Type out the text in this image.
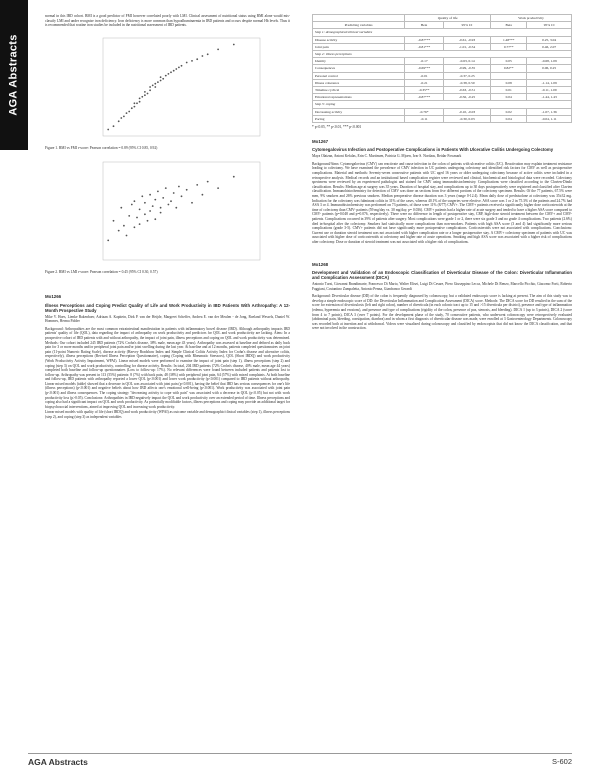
AGA Abstracts

normal in this IBD cohort. BMI is a good predictor of FMI however correlated poorly with LMI. Clinical assessment of nutritional status using BMI alone would mis-classify LMI and under recognise iron deficiency. Iron deficiency is more common than hypoalbuminaemia in IBD patients and occurs despite normal Hb levels. Thus it is recommended that routine iron studies be included in the nutritional assessment of IBD patients.

Figure 1. BMI vs FMI r-score: Pearson correlation = 0.89 (95% CI 0.85, 0.92)
Figure 2. BMI vs LMI r-score: Pearson correlation = 0.45 (95% CI 0.30, 0.57)
Mo1266
Illness Perceptions and Coping Predict Quality of Life and Work Productivity in IBD Patients With Arthropathy: A 12-Month Prospective Study
Mike V. Hoes, Lienke Bakenboer, Adriaan A. Kapitein, Dirk P. van der Heijde, Margreet Scheffer, Andrea E. van der Meulen - de Jong, Roeland Wessels, Daniel W. Hommes, Herma Fidder

Background: Arthropathies are the most common extraintestinal manifestation in patients with inflammatory bowel disease (IBD). Although arthropathy impacts IBD patients' quality of life (QOL), data regarding the impact of arthropathy on work productivity and predictors for QOL and work productivity are lacking. Aims: In a prospective cohort of IBD patients with and without arthropathy, the impact of joint pain, illness perceptions and coping on QOL and work productivity was determined. Methods: Our cohort included 245 IBD patients (72% Crohn's disease, 38% male, mean age 43 years). Arthropathy was assessed at baseline and defined as daily back pain for 3 or more months and/or peripheral joint pain and/or joint swelling during the last year. At baseline and at 12 months, patients completed questionnaires on joint pain (11-point Numeric Rating Scale), disease activity (Harvey Bradshaw Index and Simple Clinical Colitis Activity Index for Crohn's disease and ulcerative colitis, respectively), illness perceptions (Revised Illness Perception Questionnaire), coping (Coping with Rheumatic Stressors), QOL (Short IBDQ) and work productivity (Work Productivity Activity Impairment, WPAI). Linear mixed models were performed to examine the impact of joint pain (step 1), illness perceptions (step 2) and coping (step 3) on QOL and work productivity, controlling for disease activity. Results: In total, 204 IBD patients (72% Crohn's disease, 40% male, mean age 44 years) completed both baseline and follow-up questionnaires (Loss to follow-up: 17%). No relevant differences were found between included patients and patients lost to follow-up. Arthropathy was present in 113 (55%) patients: 8 (7%) with back pain, 48 (38%) with peripheral joint pain, 64 (57%) with mixed complaints. At both baseline and follow-up, IBD patients with arthropathy reported a lower QOL (p<0.001) and lower work productivity (p<0.001) compared to IBD patients without arthropathy. Linear mixed models (table) showed that a decrease in QOL was associated with joint pain (p<0.001), having the belief that IBD has serious consequences for one's life (illness perceptions) (p<0.001) and negative beliefs about how IBD affects one's emotional well-being (p<0.001). Work productivity was associated with joint pain (p<0.001) and illness consequences. The coping strategy "decreasing activity to cope with pain" was associated with a decrease in QOL (p<0.05) but not with work productivity loss (p>0.05). Conclusions: Arthropathies in IBD negatively impact the QOL and work productivity over an extended period of time. Illness perceptions and coping also had a significant impact on QOL and work productivity. As potentially modifiable factors, illness perceptions and coping may provide an additional target for biopsychosocial interventions, aimed at improving QOL and increasing work productivity.

Linear mixed models with quality of life (short IBDQ) and work productivity (WPAI) as outcome variable and demographic/clinical variables (step 1), illness perceptions (step 2), and coping (step 3) as independent variables

	Quality of life		Work productivity	
Predicting variables	Beta	95% CI	Beta	95% CI
Step 1: demographical/clinical variables				
Disease activity	-0.87***	-0.61, -0.93	1.48***	0.25, 3.04
Joint pain	-0.81***	-1.01, -0.54	0.77**	0.46, 2.07
Step 2: illness perceptions				
Identity	-0.17	-0.63, 0.14	0.05	-0.68, 1.09
Consequences	-0.69***	-0.99, -0.35	0.82**	0.06, 0.25
Personal control	-0.01	-0.37, 0.25		
Illness coherence	-0.21	-0.38, 0.50	0.08	-1.14, 1.09
Timeline cyclical	-0.35**	-0.63, -0.51	0.01	-0.11, 1.09
Emotional representations	-0.87***	-0.56, -0.25	0.04	-1.44, 1.43
Step 3: coping				
Decreasing activity	-0.76*	-0.10, -0.03	0.02	-1.07, 1.36
Pacing	-0.11	-0.30, 0.03	0.04	-0.04, 1.11
* p<0.05, ** p<0.01, *** p<0.001
Mo1267
Cytomegalovirus Infection and Postoperative Complications in Patients With Ulcerative Colitis Undergoing Colectomy
Maya Olaizan, Antoni Kefalas, Erin C. Martinsen, Patricia G. Mjoen, Ivar S. Nordaas, Reidar Fossmark

Background/Aims: Cytomegalovirus (CMV) can reactivate and cause infection in the colon of patients with ulcerative colitis (UC). Reactivation may explain treatment resistance leading to colectomy. We have examined the prevalence of CMV infection in UC patients undergoing colectomy and identified risk factors for CMV as well as postoperative complications. Material and methods: Seventy-seven consecutive patients with UC aged 16 years or older undergoing colectomy because of active colitis were included in a retrospective analysis. Medical records and an institutional based complication register were reviewed and clinical, biochemical and histological data were recorded. Colectomy specimens were reviewed by an experienced pathologist and stained for CMV using immunohistochemistry. Complications were classified according to the Clavien-Dindo classification. Results: Median age at surgery was 35 years. Duration of hospital stay, and complications up to 30 days postoperatively were registered and classified after Clavien classification. Immunohistochemistry for detection of CMV was done on sections from five different portions of the colectomy specimen. Results: Of the 77 patients, 67.5% were men, 9% smokers and 26% previous smokers. Median preoperative disease duration was 3 years (range 0-12.4). Mean daily dose of prednisolone at colectomy was 35±32 mg. Indication for the colectomy was fulminant colitis in 31% of the cases, whereas 40.1% of the surgeries were elective. ASA score was 1 or 2 in 75.3% of the patients and 24.7% had ASA 3 or 4. Immunohistochemistry was performed on 73 patients, of those were 11% (8/77) CMV+. The CMV+ patients received a significantly higher dose corticosteroids at the time of colectomy than CMV- patients (59 mg/day vs. 30 mg/day, p= 0.036). CMV+ patients had a higher rate of acute surgery and tended to have a higher ASA score compared to CMV- patients (p=0.048 and p=0.076, respectively). There were no difference in length of postoperative stay, CRP, high-dose steroid treatment between the CMV+ and CMV- patients. Complications occurred in 39% of patients after surgery. Most complications were grade 1 or 2, there were six grade 3 and no grade 4 complications. Two patients (2.6%) died in-hospital after the colectomy. Smokers had statistically more complications than non-smokers. Patients with high ASA score (3 and 4) had significantly more serious complications (grade 3-5). CMV+ patients did not have significantly more postoperative complications. Corticosteroids were not associated with complications. Conclusions: Current use or duration steroid treatment was not associated with higher complication rate or a longer postoperative stay. A CMV+ colectomy specimen of patients with UC was associated with higher dose of corticosteroids at colectomy and higher rate of acute operations. Smoking and high ASA score was associated with a higher risk of complications after colectomy. Dose or duration of steroid treatment was not associated with a higher risk of complications.

Mo1268
Development and Validation of an Endoscopic Classification of Diverticular Disease of the Colon: Diverticular Inflammation and Complication Assessment (DICA)
Antonio Tursi, Giovanni Brandimarte, Francesco Di Mario, Walter Elisei, Luigi Di Cesare, Piero Giuseppino Lecca, Michele Di Renzo, Marcello Picchio, Giacomo Forti, Roberto Faggiani, Costantino Zampaletta, Antonio Penna, Gianfranco Gerardi

Background: Diverticular disease (DD) of the colon is frequently diagnosed by colonoscopy, but a validated endoscopic score is lacking at present. The aim of this study was to develop a simple endoscopic score of DD: the Diverticular Inflammation and Complication Assessment (DICA) score. Methods: The DICA score for DD resulted in the sum of the score for extension of diverticulosis (left and right colon), number of diverticula (in each colonic tract up to 15 and >15 diverticula per district), presence and type of inflammation (edema, hyperemia and erosions), and presence and type of complications (rigidity of the colon, presence of pus, stenosis, and bleeding). DICA 1 (up to 3 points), DICA 2 (score from 4 to 7 points), DICA 3 (over 7 points). For the development phase of the study, 70 consecutive patients, who underwent colonoscopy were retrospectively evaluated (abdominal pain, bleeding, constipation, diarrhea) and in whom a first diagnosis of diverticular disease was made, were enrolled at 3 Gastroenterology Departments. Colonoscopy was recorded both at insertion and at withdrawal. Videos were visualized during colonoscopy and classified by endoscopists that did not know the DICA classification, and that were not involved in the construction.

AGA Abstracts	S-602
